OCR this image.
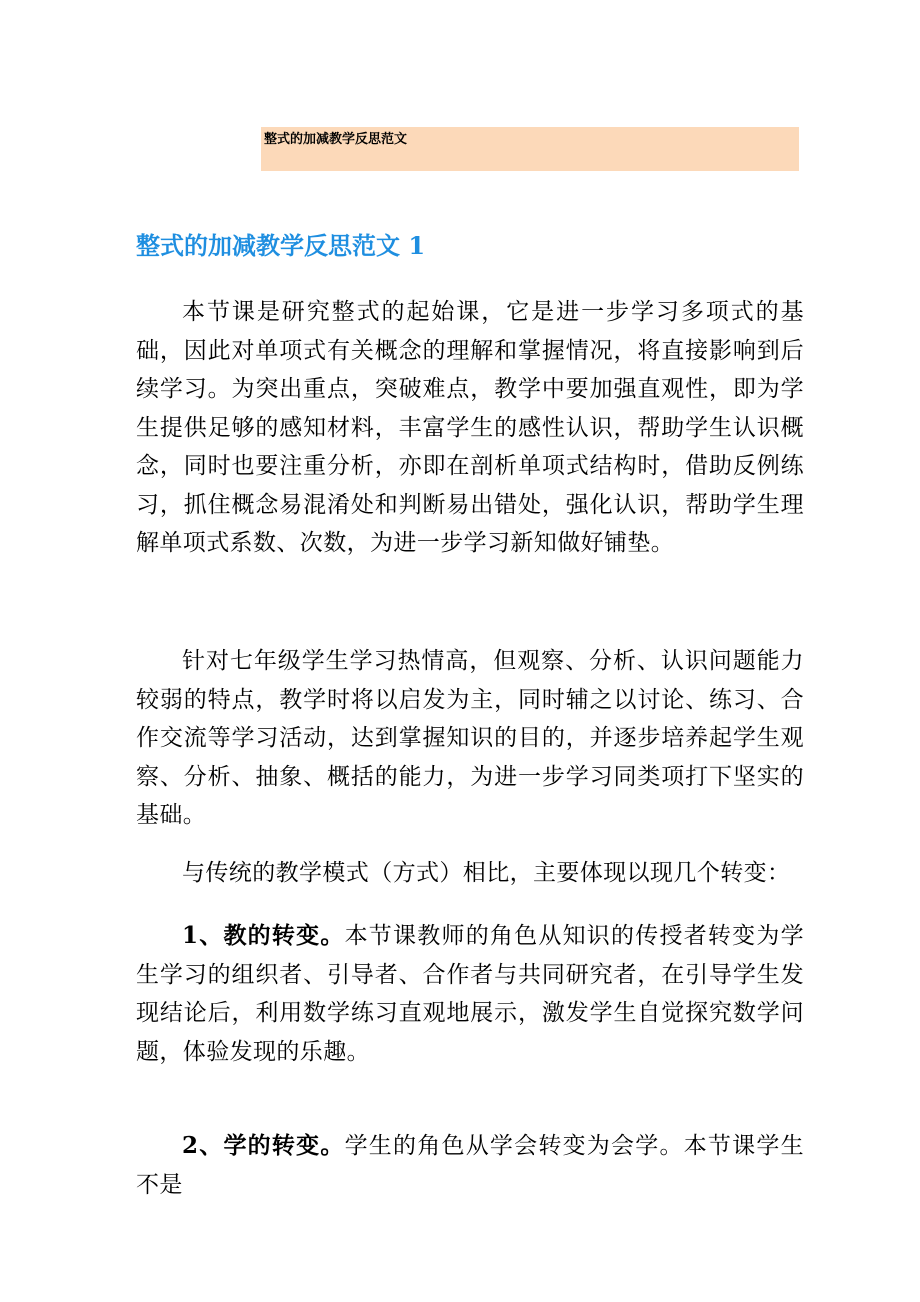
整式的加减教学反思范文
整式的加减教学反思范文 1

本节课是研究整式的起始课，它是进一步学习多项式的基础，因此对单项式有关概念的理解和掌握情况，将直接影响到后续学习。为突出重点，突破难点，教学中要加强直观性，即为学生提供足够的感知材料，丰富学生的感性认识，帮助学生认识概念，同时也要注重分析，亦即在剖析单项式结构时，借助反例练习，抓住概念易混淆处和判断易出错处，强化认识，帮助学生理解单项式系数、次数，为进一步学习新知做好铺垫。

针对七年级学生学习热情高，但观察、分析、认识问题能力较弱的特点，教学时将以启发为主，同时辅之以讨论、练习、合作交流等学习活动，达到掌握知识的目的，并逐步培养起学生观察、分析、抽象、概括的能力，为进一步学习同类项打下坚实的基础。

与传统的教学模式（方式）相比，主要体现以现几个转变：

1、教的转变。本节课教师的角色从知识的传授者转变为学生学习的组织者、引导者、合作者与共同研究者，在引导学生发现结论后，利用数学练习直观地展示，激发学生自觉探究数学问题，体验发现的乐趣。

2、学的转变。学生的角色从学会转变为会学。本节课学生不是
